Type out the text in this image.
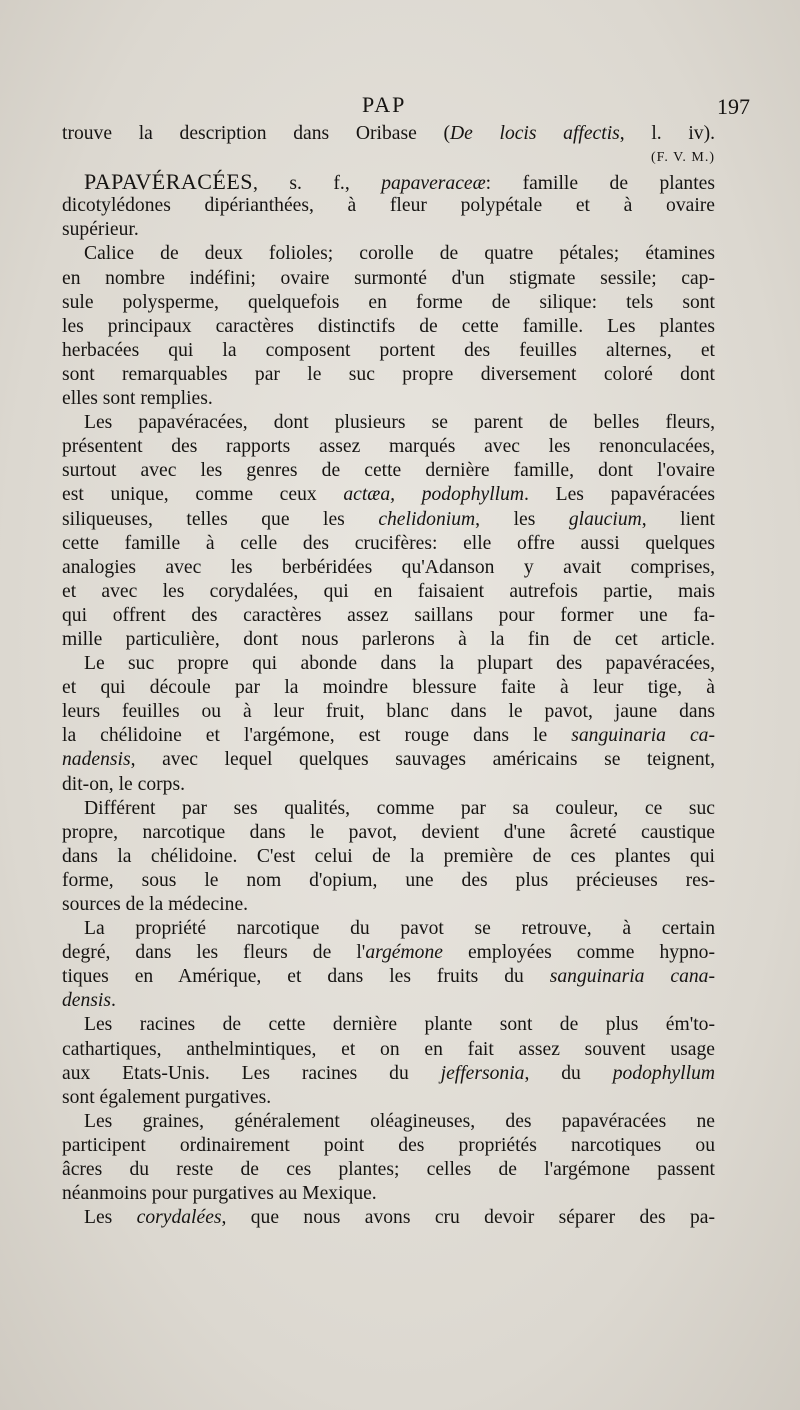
PAP	197
trouve la description dans Oribase (De locis affectis, l. iv).
(F. V. M.)
PAPAVÉRACÉES, s. f., papaveraceæ: famille de plantes
dicotylédones dipérianthées, à fleur polypétale et à ovaire
supérieur.
Calice de deux folioles; corolle de quatre pétales; étamines
en nombre indéfini; ovaire surmonté d'un stigmate sessile; cap-
sule polysperme, quelquefois en forme de silique: tels sont
les principaux caractères distinctifs de cette famille. Les plantes
herbacées qui la composent portent des feuilles alternes, et
sont remarquables par le suc propre diversement coloré dont
elles sont remplies.
Les papavéracées, dont plusieurs se parent de belles fleurs,
présentent des rapports assez marqués avec les renonculacées,
surtout avec les genres de cette dernière famille, dont l'ovaire
est unique, comme ceux actæa, podophyllum. Les papavéracées
siliqueuses, telles que les chelidonium, les glaucium, lient
cette famille à celle des crucifères: elle offre aussi quelques
analogies avec les berbéridées qu'Adanson y avait comprises,
et avec les corydalées, qui en faisaient autrefois partie, mais
qui offrent des caractères assez saillans pour former une fa-
mille particulière, dont nous parlerons à la fin de cet article.
Le suc propre qui abonde dans la plupart des papavéracées,
et qui découle par la moindre blessure faite à leur tige, à
leurs feuilles ou à leur fruit, blanc dans le pavot, jaune dans
la chélidoine et l'argémone, est rouge dans le sanguinaria ca-
nadensis, avec lequel quelques sauvages américains se teignent,
dit-on, le corps.
Différent par ses qualités, comme par sa couleur, ce suc
propre, narcotique dans le pavot, devient d'une âcreté caustique
dans la chélidoine. C'est celui de la première de ces plantes qui
forme, sous le nom d'opium, une des plus précieuses res-
sources de la médecine.
La propriété narcotique du pavot se retrouve, à certain
degré, dans les fleurs de l'argémone employées comme hypno-
tiques en Amérique, et dans les fruits du sanguinaria cana-
densis.
Les racines de cette dernière plante sont de plus ém'to-
cathartiques, anthelmintiques, et on en fait assez souvent usage
aux Etats-Unis. Les racines du jeffersonia, du podophyllum
sont également purgatives.
Les graines, généralement oléagineuses, des papavéracées ne
participent ordinairement point des propriétés narcotiques ou
âcres du reste de ces plantes; celles de l'argémone passent
néanmoins pour purgatives au Mexique.
Les corydalées, que nous avons cru devoir séparer des pa-
